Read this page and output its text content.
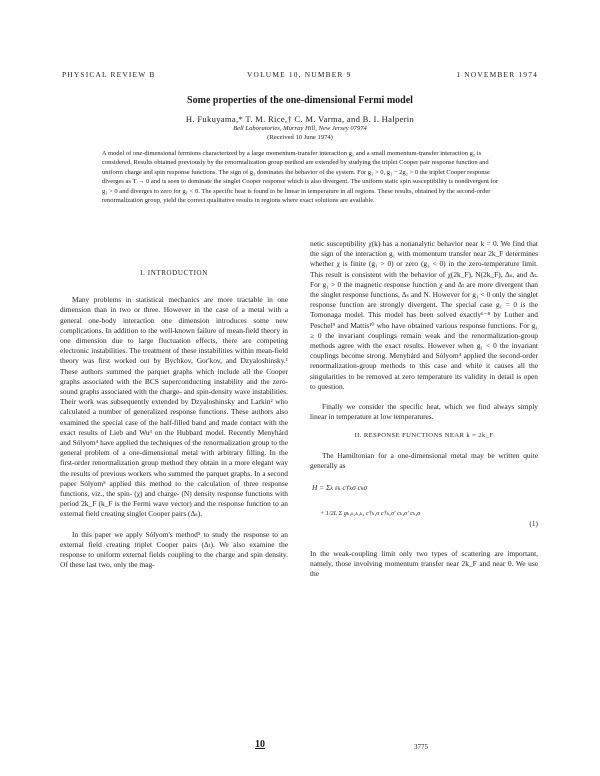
PHYSICAL REVIEW B	VOLUME 10, NUMBER 9	1 NOVEMBER 1974
Some properties of the one-dimensional Fermi model
H. Fukuyama,* T. M. Rice,† C. M. Varma, and B. I. Halperin
Bell Laboratories, Murray Hill, New Jersey 07974
(Received 10 June 1974)
A model of one-dimensional fermions characterized by a large momentum-transfer interaction g₁ and a small momentum-transfer interaction g₂ is considered. Results obtained previously by the renormalization group method are extended by studying the triplet Cooper pair response function and uniform charge and spin response functions. The sign of g₁ dominates the behavior of the system. For g₁ > 0, g₁ − 2g₂ > 0 the triplet Cooper response diverges as T → 0 and is seen to dominate the singlet Cooper response which is also divergent. The uniform static spin susceptibility is nondivergent for g₁ > 0 and diverges to zero for g₁ < 0. The specific heat is found to be linear in temperature in all regions. These results, obtained by the second-order renormalization group, yield the correct qualitative results in regions where exact solutions are available.
I. INTRODUCTION

Many problems in statistical mechanics are more tractable in one dimension than in two or three. However in the case of a metal with a general one-body interaction one dimension introduces some new complications. In addition to the well-known failure of mean-field theory in one dimension due to large fluctuation effects, there are competing electronic instabilities. The treatment of these instabilities within mean-field theory was first worked out by Bychkov, Gor'kov, and Dzyaloshinsky.¹ These authors summed the parquet graphs which include all the Cooper graphs associated with the BCS superconducting instability and the zero-sound graphs associated with the charge- and spin-density wave instabilities. Their work was subsequently extended by Dzyaloshinsky and Larkin² who calculated a number of generalized response functions. These authors also examined the special case of the half-filled band and made contact with the exact results of Lieb and Wu³ on the Hubbard model. Recently Menyhárd and Sólyom⁴ have applied the techniques of the renormalization group to the general problem of a one-dimensional metal with arbitrary filling. In the first-order renormalization group method they obtain in a more elegant way the results of previous workers who summed the parquet graphs. In a second paper Sólyom⁵ applied this method to the calculation of three response functions, viz., the spin- (χ) and charge- (N) density response functions with period 2k_F (k_F is the Fermi wave vector) and the response function to an external field creating singlet Cooper pairs (Δₛ).

In this paper we apply Sólyom's method⁵ to study the response to an external field creating triplet Cooper pairs (Δₜ). We also examine the response to uniform external fields coupling to the charge and spin density. Of these last two, only the mag-

netic susceptibility χ(k) has a nonanalytic behavior near k = 0. We find that the sign of the interaction g₁ with momentum transfer near 2k_F determines whether χ is finite (g₁ > 0) or zero (g₁ < 0) in the zero-temperature limit. This result is consistent with the behavior of χ(2k_F), N(2k_F), Δₛ, and Δₜ. For g₁ > 0 the magnetic response function χ and Δₜ are more divergent than the singlet response functions, Δₛ and N. However for g₁ < 0 only the singlet response function are strongly divergent. The special case g₁ = 0 is the Tomonaga model. This model has been solved exactly⁶⁻⁸ by Luther and Peschel⁹ and Mattis¹⁰ who have obtained various response functions. For g₁ ≥ 0 the invariant couplings remain weak and the renormalization-group methods agree with the exact results. However when g₁ < 0 the invariant couplings become strong. Menyhárd and Sólyom⁴ applied the second-order renormalization-group methods to this case and while it causes all the singularities to be removed at zero temperature its validity in detail is open to question.

Finally we consider the specific heat, which we find always simply linear in temperature at low temperatures.

II. RESPONSE FUNCTIONS NEAR k = 2k_F

The Hamiltonian for a one-dimensional metal may be written quite generally as

H = Σₖ εₖ c†ₖσ cₖσ
+ 1/2L Σ gₖ₁ₖ₂ₖ₃ₖ₄ c†ₖ₁σ c†ₖ₂σ' cₖ₃σ' cₖ₄σ
(1)

In the weak-coupling limit only two types of scattering are important, namely, those involving momentum transfer near 2k_F and near 0. We use the

10	3775
